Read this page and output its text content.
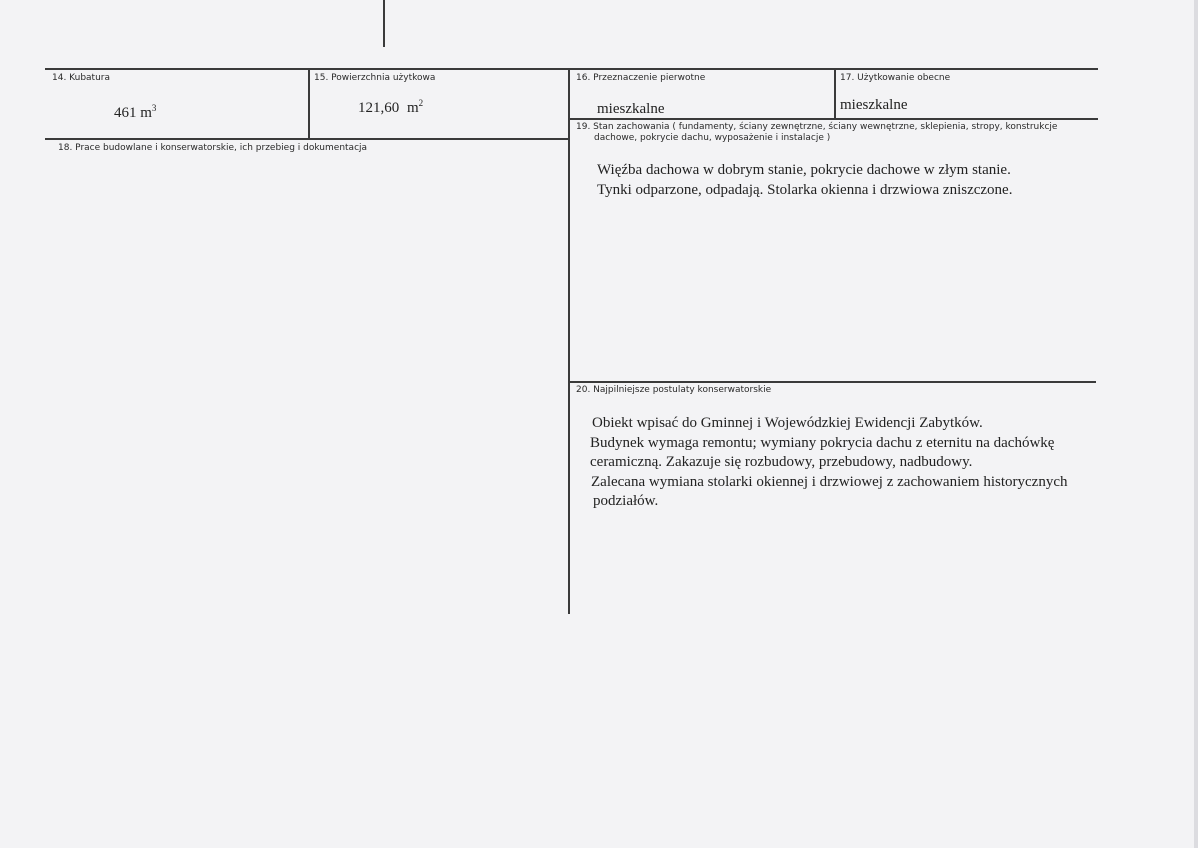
14. Kubatura
461 $m^3$
15. Powierzchnia użytkowa
121,60 $m^2$
16. Przeznaczenie pierwotne
mieszkalne
17. Użytkowanie obecne
mieszkalne
18. Prace budowlane i konserwatorskie, ich przebieg i dokumentacja
19. Stan zachowania ( fundamenty, ściany zewnętrzne, ściany wewnętrzne, sklepienia, stropy, konstrukcje
dachowe, pokrycie dachu, wyposażenie i instalacje )
Więźba dachowa w dobrym stanie, pokrycie dachowe w złym stanie.
Tynki odparzone, odpadają. Stolarka okienna i drzwiowa zniszczone.
20. Najpilniejsze postulaty konserwatorskie
Obiekt wpisać do Gminnej i Wojewódzkiej Ewidencji Zabytków.
Budynek wymaga remontu; wymiany pokrycia dachu z eternitu na dachówkę
ceramiczną. Zakazuje się rozbudowy, przebudowy, nadbudowy.
Zalecana wymiana stolarki okiennej i drzwiowej z zachowaniem historycznych
podziałów.
